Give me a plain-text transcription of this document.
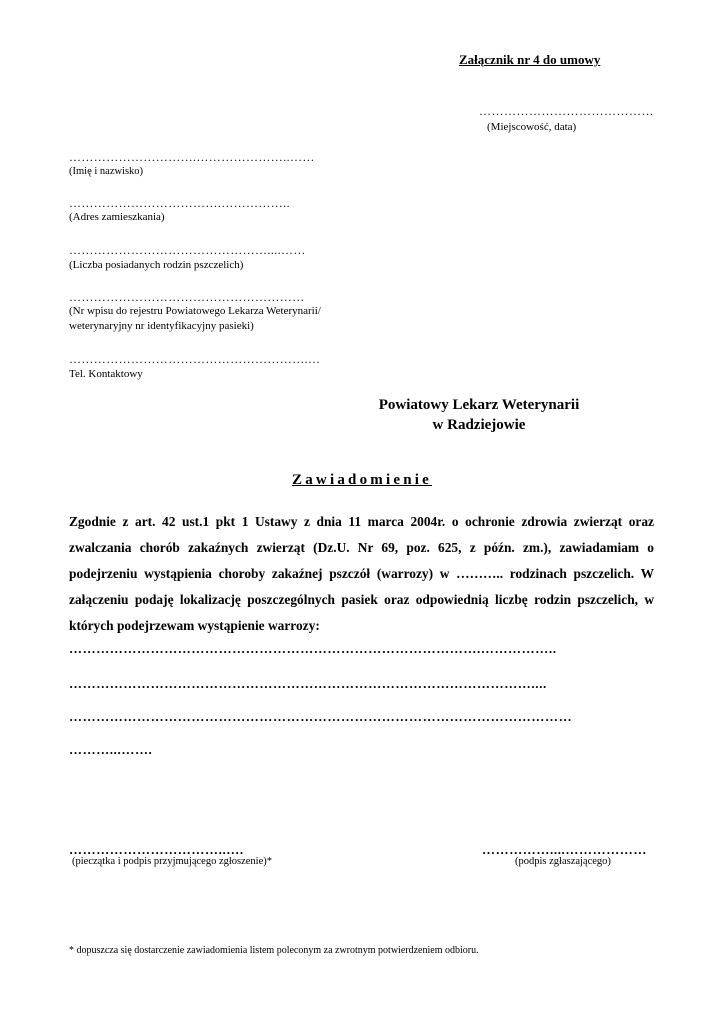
Załącznik nr 4 do umowy
……………………………………
(Miejscowość, data)
………………………….…………………..……
(Imię i nazwisko)
……………………………….……………..
(Adres zamieszkania)
…………………………………………....……
(Liczba posiadanych rodzin pszczelich)
…………………………………………………
(Nr wpisu do rejestru Powiatowego Lekarza Weterynarii/
weterynaryjny nr identyfikacyjny pasieki)
………………………………………………….…
Tel. Kontaktowy
Powiatowy Lekarz Weterynarii
w Radziejowie
Zawiadomienie
Zgodnie z art. 42 ust.1 pkt 1 Ustawy z dnia 11 marca 2004r. o ochronie zdrowia zwierząt oraz zwalczania chorób zakaźnych zwierząt (Dz.U. Nr 69, poz. 625, z późn. zm.), zawiadamiam o podejrzeniu wystąpienia choroby zakaźnej pszczół (warrozy) w ……….. rodzinach pszczelich. W załączeniu podaję lokalizację poszczególnych pasiek oraz odpowiednią liczbę rodzin pszczelich, w których podejrzewam wystąpienie warrozy:
……………………………………………………………………………….……………..
…………………………………………………………………………………………....
…………………………………………………………………………………………………
………...…….
……………………………..….
(pieczątka i podpis przyjmującego zgłoszenie)*
……………....………………
(podpis zgłaszającego)
* dopuszcza się dostarczenie zawiadomienia listem poleconym za zwrotnym potwierdzeniem odbioru.
